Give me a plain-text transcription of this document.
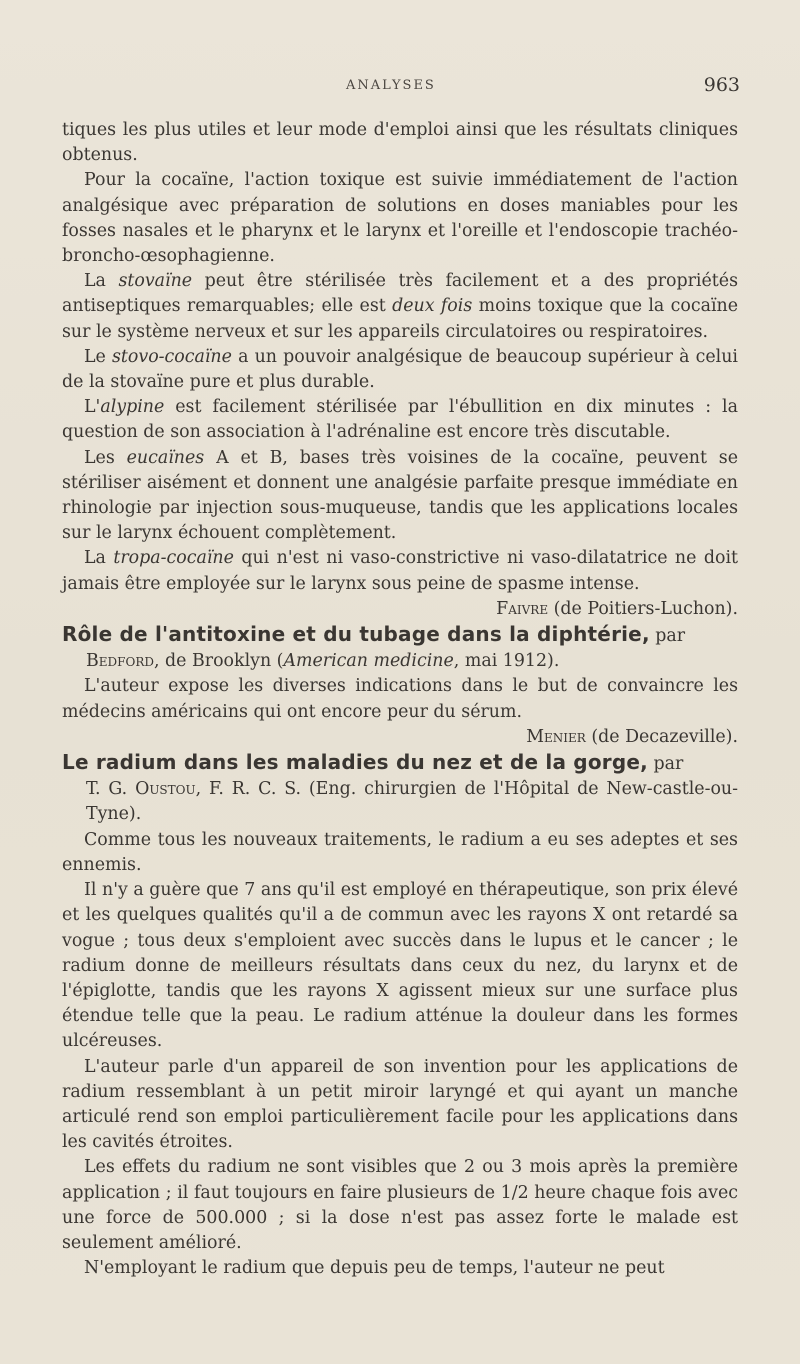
ANALYSES	963

tiques les plus utiles et leur mode d'emploi ainsi que les résultats cliniques obtenus.

Pour la cocaïne, l'action toxique est suivie immédiatement de l'action analgésique avec préparation de solutions en doses maniables pour les fosses nasales et le pharynx et le larynx et l'oreille et l'endoscopie trachéo-broncho-œsophagienne.

La stovaïne peut être stérilisée très facilement et a des propriétés antiseptiques remarquables; elle est deux fois moins toxique que la cocaïne sur le système nerveux et sur les appareils circulatoires ou respiratoires.

Le stovo-cocaïne a un pouvoir analgésique de beaucoup supérieur à celui de la stovaïne pure et plus durable.

L'alypine est facilement stérilisée par l'ébullition en dix minutes : la question de son association à l'adrénaline est encore très discutable.

Les eucaïnes A et B, bases très voisines de la cocaïne, peuvent se stériliser aisément et donnent une analgésie parfaite presque immédiate en rhinologie par injection sous-muqueuse, tandis que les applications locales sur le larynx échouent complètement.

La tropa-cocaïne qui n'est ni vaso-constrictive ni vaso-dilatatrice ne doit jamais être employée sur le larynx sous peine de spasme intense.

Faivre (de Poitiers-Luchon).

Rôle de l'antitoxine et du tubage dans la diphtérie, par

Bedford, de Brooklyn (American medicine, mai 1912).

L'auteur expose les diverses indications dans le but de convaincre les médecins américains qui ont encore peur du sérum.

Menier (de Decazeville).

Le radium dans les maladies du nez et de la gorge, par

T. G. Oustou, F. R. C. S. (Eng. chirurgien de l'Hôpital de New-castle-ou-Tyne).

Comme tous les nouveaux traitements, le radium a eu ses adeptes et ses ennemis.

Il n'y a guère que 7 ans qu'il est employé en thérapeutique, son prix élevé et les quelques qualités qu'il a de commun avec les rayons X ont retardé sa vogue ; tous deux s'emploient avec succès dans le lupus et le cancer ; le radium donne de meilleurs résultats dans ceux du nez, du larynx et de l'épiglotte, tandis que les rayons X agissent mieux sur une surface plus étendue telle que la peau. Le radium atténue la douleur dans les formes ulcéreuses.

L'auteur parle d'un appareil de son invention pour les applications de radium ressemblant à un petit miroir laryngé et qui ayant un manche articulé rend son emploi particulièrement facile pour les applications dans les cavités étroites.

Les effets du radium ne sont visibles que 2 ou 3 mois après la première application ; il faut toujours en faire plusieurs de 1/2 heure chaque fois avec une force de 500.000 ; si la dose n'est pas assez forte le malade est seulement amélioré.

N'employant le radium que depuis peu de temps, l'auteur ne peut
